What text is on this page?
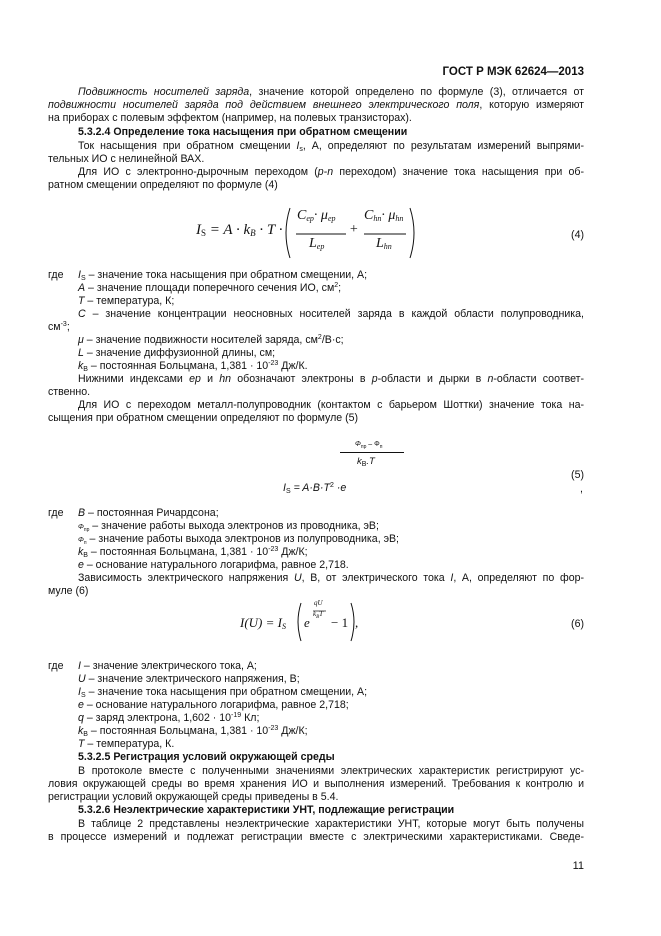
ГОСТ Р МЭК 62624—2013
Подвижность носителей заряда, значение которой определено по формуле (3), отличается от
подвижности носителей заряда под действием внешнего электрического поля, которую измеряют
на приборах с полевым эффектом (например, на полевых транзисторах).
5.3.2.4 Определение тока насыщения при обратном смещении
Ток насыщения при обратном смещении $I_s$, А, определяют по результатам измерений выпрями-
тельных ИО с нелинейной ВАХ.
Для ИО с электронно-дырочным переходом (p-n переходом) значение тока насыщения при об-
ратном смещении определяют по формуле (4)
$I_S = A \cdot k_B \cdot T$ ·
$C_{ep}\cdot \mu_{ep}$
$L_{ep}$
+
$C_{hn}\cdot \mu_{hn}$
$L_{hn}$
(4)
где $I_S$ – значение тока насыщения при обратном смещении, А;
A – значение площади поперечного сечения ИО, $см^2$;
T – температура, К;
C – значение концентрации неосновных носителей заряда в каждой области полупроводника,
$см^{-3}$;
μ – значение подвижности носителей заряда, $см^2/В\cdot с$;
L – значение диффузионной длины, см;
$k_B$ – постоянная Больцмана, $1,381 \cdot 10^{-23}$ Дж/К.
Нижними индексами ep и hn обозначают электроны в p-области и дырки в n-области соответ-
ственно.
Для ИО с переходом металл-полупроводник (контактом с барьером Шоттки) значение тока на-
сыщения при обратном смещении определяют по формуле (5)
$\Phi_{пр} - \Phi_п$
$k_B.T$
$I_S = A\cdot B\cdot T^2 \cdot e$
(5)
,
где B – постоянная Ричардсона;
$\Phi_{пр}$ – значение работы выхода электронов из проводника, эВ;
$\Phi_п$ – значение работы выхода электронов из полупроводника, эВ;
$k_B$ – постоянная Больцмана, $1,381 \cdot 10^{-23}$ Дж/К;
e – основание натурального логарифма, равное 2,718.
Зависимость электрического напряжения U, В, от электрического тока I, А, определяют по фор-
муле (6)
$I(U) = I_S$ e
qU
$k_BT$
− 1 ,	(6)
где I – значение электрического тока, А;
U – значение электрического напряжения, В;
$I_S$ – значение тока насыщения при обратном смещении, А;
e – основание натурального логарифма, равное 2,718;
q – заряд электрона, $1,602 \cdot 10^{-19}$ Кл;
$k_B$ – постоянная Больцмана, $1,381 \cdot 10^{-23}$ Дж/К;
T – температура, К.
5.3.2.5 Регистрация условий окружающей среды
В протоколе вместе с полученными значениями электрических характеристик регистрируют ус-
ловия окружающей среды во время хранения ИО и выполнения измерений. Требования к контролю и
регистрации условий окружающей среды приведены в 5.4.
5.3.2.6 Неэлектрические характеристики УНТ, подлежащие регистрации
В таблице 2 представлены неэлектрические характеристики УНТ, которые могут быть получены
в процессе измерений и подлежат регистрации вместе с электрическими характеристиками. Сведе-
11
